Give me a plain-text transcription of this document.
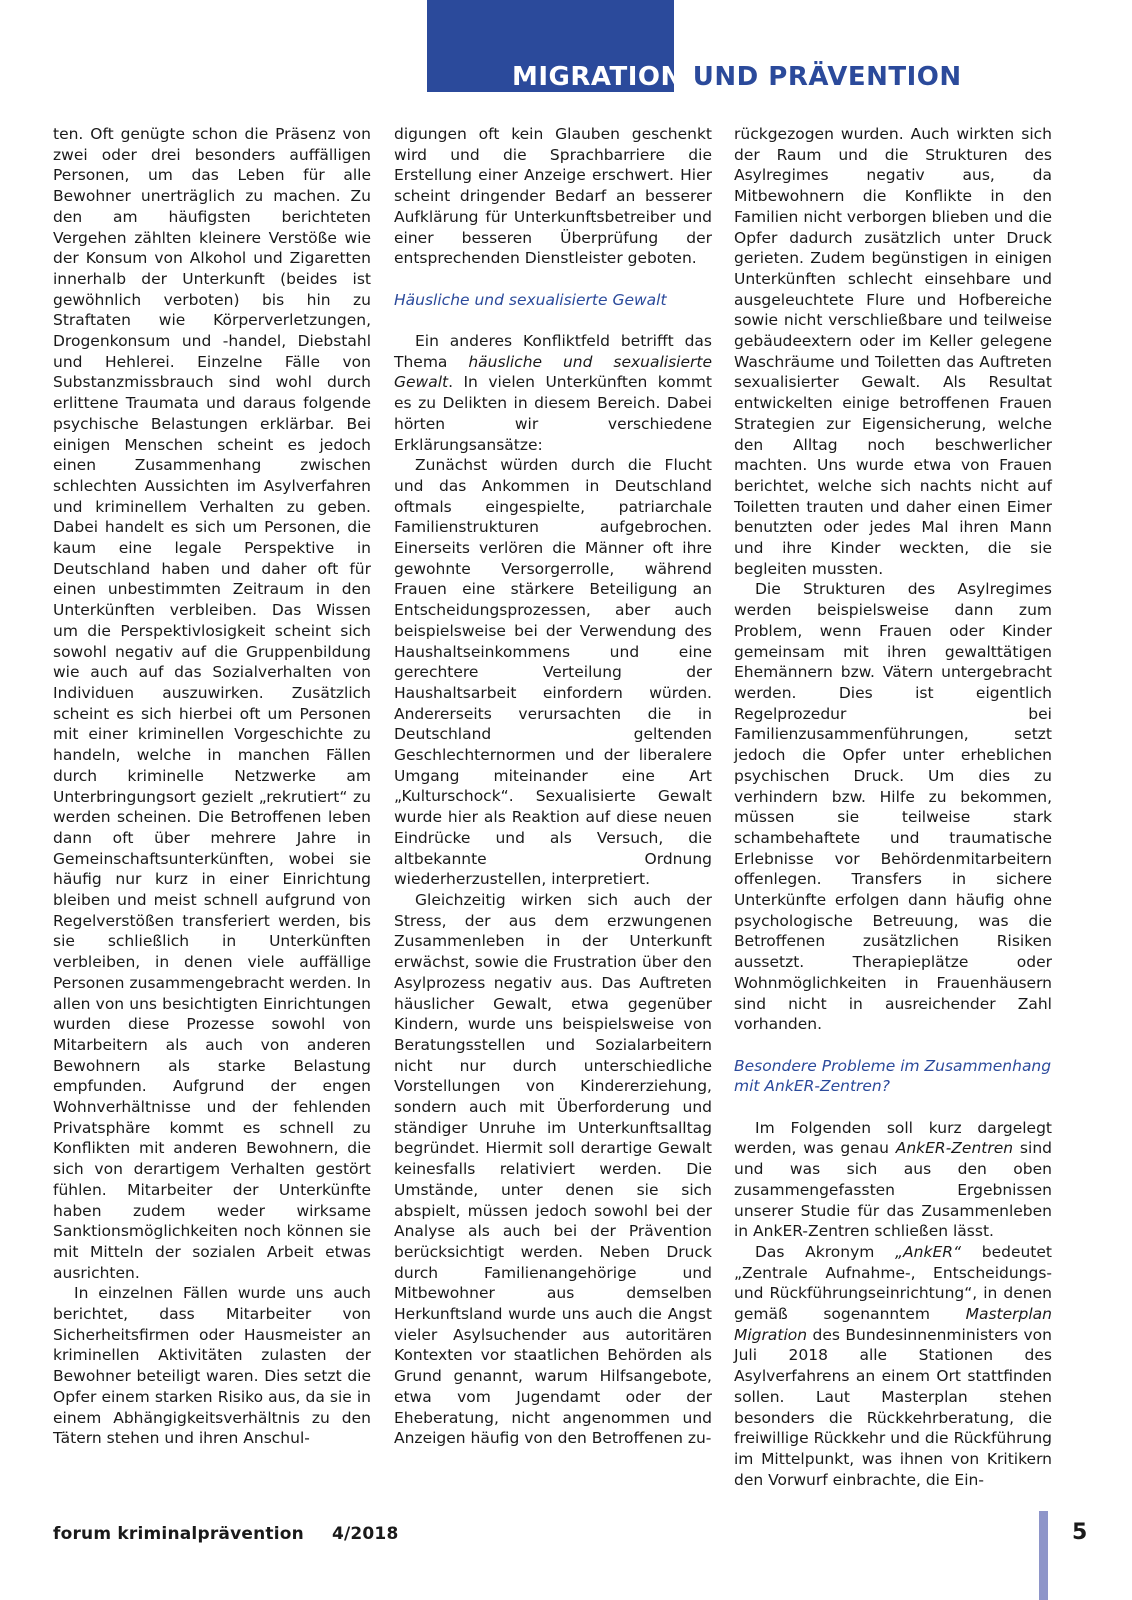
MIGRATION UND PRÄVENTION

ten. Oft genügte schon die Präsenz von zwei oder drei besonders auffälligen Personen, um das Leben für alle Bewohner unerträglich zu machen. Zu den am häufigsten berichteten Vergehen zählten kleinere Verstöße wie der Konsum von Alkohol und Zigaretten innerhalb der Unterkunft (beides ist gewöhnlich verboten) bis hin zu Straftaten wie Körperverletzungen, Drogenkonsum und -handel, Diebstahl und Hehlerei. Einzelne Fälle von Substanzmissbrauch sind wohl durch erlittene Traumata und daraus folgende psychische Belastungen erklärbar. Bei einigen Menschen scheint es jedoch einen Zusammenhang zwischen schlechten Aussichten im Asylverfahren und kriminellem Verhalten zu geben. Dabei handelt es sich um Personen, die kaum eine legale Perspektive in Deutschland haben und daher oft für einen unbestimmten Zeitraum in den Unterkünften verbleiben. Das Wissen um die Perspektivlosigkeit scheint sich sowohl negativ auf die Gruppenbildung wie auch auf das Sozialverhalten von Individuen auszuwirken. Zusätzlich scheint es sich hierbei oft um Personen mit einer kriminellen Vorgeschichte zu handeln, welche in manchen Fällen durch kriminelle Netzwerke am Unterbringungsort gezielt „rekrutiert“ zu werden scheinen. Die Betroffenen leben dann oft über mehrere Jahre in Gemeinschaftsunterkünften, wobei sie häufig nur kurz in einer Einrichtung bleiben und meist schnell aufgrund von Regelverstößen transferiert werden, bis sie schließlich in Unterkünften verbleiben, in denen viele auffällige Personen zusammengebracht werden. In allen von uns besichtigten Einrichtungen wurden diese Prozesse sowohl von Mitarbeitern als auch von anderen Bewohnern als starke Belastung empfunden. Aufgrund der engen Wohnverhältnisse und der fehlenden Privatsphäre kommt es schnell zu Konflikten mit anderen Bewohnern, die sich von derartigem Verhalten gestört fühlen. Mitarbeiter der Unterkünfte haben zudem weder wirksame Sanktionsmöglichkeiten noch können sie mit Mitteln der sozialen Arbeit etwas ausrichten.

In einzelnen Fällen wurde uns auch berichtet, dass Mitarbeiter von Sicherheitsfirmen oder Hausmeister an kriminellen Aktivitäten zulasten der Bewohner beteiligt waren. Dies setzt die Opfer einem starken Risiko aus, da sie in einem Abhängigkeitsverhältnis zu den Tätern stehen und ihren Anschul-

digungen oft kein Glauben geschenkt wird und die Sprachbarriere die Erstellung einer Anzeige erschwert. Hier scheint dringender Bedarf an besserer Aufklärung für Unterkunftsbetreiber und einer besseren Überprüfung der entsprechenden Dienstleister geboten.

Häusliche und sexualisierte Gewalt

Ein anderes Konfliktfeld betrifft das Thema häusliche und sexualisierte Gewalt. In vielen Unterkünften kommt es zu Delikten in diesem Bereich. Dabei hörten wir verschiedene Erklärungsansätze:

Zunächst würden durch die Flucht und das Ankommen in Deutschland oftmals eingespielte, patriarchale Familienstrukturen aufgebrochen. Einerseits verlören die Männer oft ihre gewohnte Versorgerrolle, während Frauen eine stärkere Beteiligung an Entscheidungsprozessen, aber auch beispielsweise bei der Verwendung des Haushaltseinkommens und eine gerechtere Verteilung der Haushaltsarbeit einfordern würden. Andererseits verursachten die in Deutschland geltenden Geschlechternormen und der liberalere Umgang miteinander eine Art „Kulturschock“. Sexualisierte Gewalt wurde hier als Reaktion auf diese neuen Eindrücke und als Versuch, die altbekannte Ordnung wiederherzustellen, interpretiert.

Gleichzeitig wirken sich auch der Stress, der aus dem erzwungenen Zusammenleben in der Unterkunft erwächst, sowie die Frustration über den Asylprozess negativ aus. Das Auftreten häuslicher Gewalt, etwa gegenüber Kindern, wurde uns beispielsweise von Beratungsstellen und Sozialarbeitern nicht nur durch unterschiedliche Vorstellungen von Kindererziehung, sondern auch mit Überforderung und ständiger Unruhe im Unterkunftsalltag begründet. Hiermit soll derartige Gewalt keinesfalls relativiert werden. Die Umstände, unter denen sie sich abspielt, müssen jedoch sowohl bei der Analyse als auch bei der Prävention berücksichtigt werden. Neben Druck durch Familienangehörige und Mitbewohner aus demselben Herkunftsland wurde uns auch die Angst vieler Asylsuchender aus autoritären Kontexten vor staatlichen Behörden als Grund genannt, warum Hilfsangebote, etwa vom Jugendamt oder der Eheberatung, nicht angenommen und Anzeigen häufig von den Betroffenen zu-

rückgezogen wurden. Auch wirkten sich der Raum und die Strukturen des Asylregimes negativ aus, da Mitbewohnern die Konflikte in den Familien nicht verborgen blieben und die Opfer dadurch zusätzlich unter Druck gerieten. Zudem begünstigen in einigen Unterkünften schlecht einsehbare und ausgeleuchtete Flure und Hofbereiche sowie nicht verschließbare und teilweise gebäudeextern oder im Keller gelegene Waschräume und Toiletten das Auftreten sexualisierter Gewalt. Als Resultat entwickelten einige betroffenen Frauen Strategien zur Eigensicherung, welche den Alltag noch beschwerlicher machten. Uns wurde etwa von Frauen berichtet, welche sich nachts nicht auf Toiletten trauten und daher einen Eimer benutzten oder jedes Mal ihren Mann und ihre Kinder weckten, die sie begleiten mussten.

Die Strukturen des Asylregimes werden beispielsweise dann zum Problem, wenn Frauen oder Kinder gemeinsam mit ihren gewalttätigen Ehemännern bzw. Vätern untergebracht werden. Dies ist eigentlich Regelprozedur bei Familienzusammenführungen, setzt jedoch die Opfer unter erheblichen psychischen Druck. Um dies zu verhindern bzw. Hilfe zu bekommen, müssen sie teilweise stark schambehaftete und traumatische Erlebnisse vor Behördenmitarbeitern offenlegen. Transfers in sichere Unterkünfte erfolgen dann häufig ohne psychologische Betreuung, was die Betroffenen zusätzlichen Risiken aussetzt. Therapieplätze oder Wohnmöglichkeiten in Frauenhäusern sind nicht in ausreichender Zahl vorhanden.

Besondere Probleme im Zusammenhang mit AnkER-Zentren?

Im Folgenden soll kurz dargelegt werden, was genau AnkER-Zentren sind und was sich aus den oben zusammengefassten Ergebnissen unserer Studie für das Zusammenleben in AnkER-Zentren schließen lässt.

Das Akronym „AnkER“ bedeutet „Zentrale Aufnahme-, Entscheidungs- und Rückführungseinrichtung“, in denen gemäß sogenanntem Masterplan Migration des Bundesinnenministers von Juli 2018 alle Stationen des Asylverfahrens an einem Ort stattfinden sollen. Laut Masterplan stehen besonders die Rückkehrberatung, die freiwillige Rückkehr und die Rückführung im Mittelpunkt, was ihnen von Kritikern den Vorwurf einbrachte, die Ein-

forum kriminalprävention 4/2018	5
